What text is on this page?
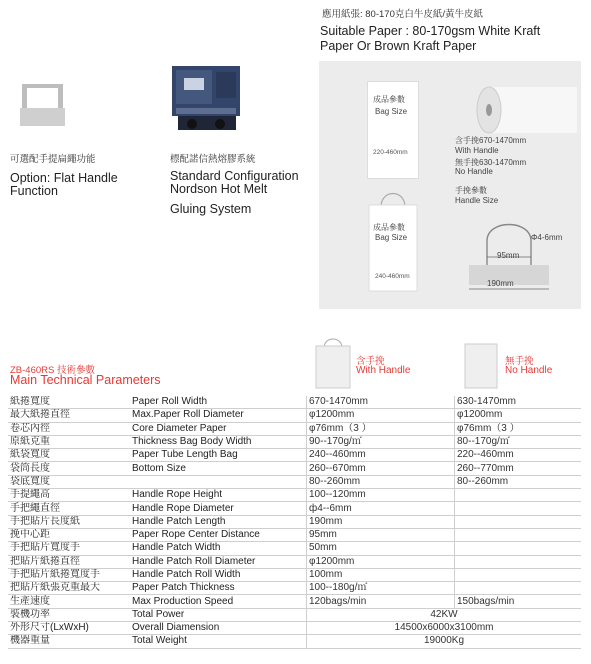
應用紙張: 80-170克白牛皮紙/黃牛皮紙
Suitable Paper : 80-170gsm White Kraft
Paper Or Brown Kraft Paper
可選配手提扁繩功能
Option: Flat Handle
Function
標配諾信熱熔膠系統
Standard Configuration
Nordson Hot Melt
Gluing System
成品參數
Bag Size
220-460mm
成品參數
Bag Size
240-460mm
含手挽670-1470mm
With Handle
無手挽630-1470mm
No Handle
手挽參數
Handle Size
Φ4-6mm
95mm
190mm
ZB-460RS 技術參數
Main Technical Parameters
含手挽
With Handle
無手挽
No Handle
紙捲寬度	Paper Roll Width	670-1470mm	630-1470mm
最大紙捲直徑	Max.Paper Roll Diameter	φ1200mm	φ1200mm
卷芯內徑	Core Diameter Paper	φ76mm（3 ）	φ76mm（3 ）
原紙克重	Thickness Bag Body Width	90--170g/㎡	80--170g/㎡
紙袋寬度	Paper Tube Length Bag	240--460mm	220--460mm
袋筒長度	Bottom Size	260--670mm	260--770mm
袋底寬度		80--260mm	80--260mm
手提繩高	Handle Rope Height	100--120mm	
手把繩直徑	Handle Rope Diameter	ф4--6mm	
手把貼片長度紙	Handle Patch Length	190mm	
挽中心距	Paper Rope Center Distance	95mm	
手把貼片寬度手	Handle Patch Width	50mm	
把貼片紙捲直徑	Handle Patch Roll Diameter	φ1200mm	
手把貼片紙捲寬度手	Handle Patch Roll Width	100mm	
把貼片紙張克重最大	Paper Patch Thickness	100--180g/㎡	
生產速度	Max Production Speed	120bags/min	150bags/min
裝機功率	Total Power	42KW	
外形尺寸(LxWxH)	Overall Diamension	14500x6000x3100mm	
機器重量	Total Weight	19000Kg	
